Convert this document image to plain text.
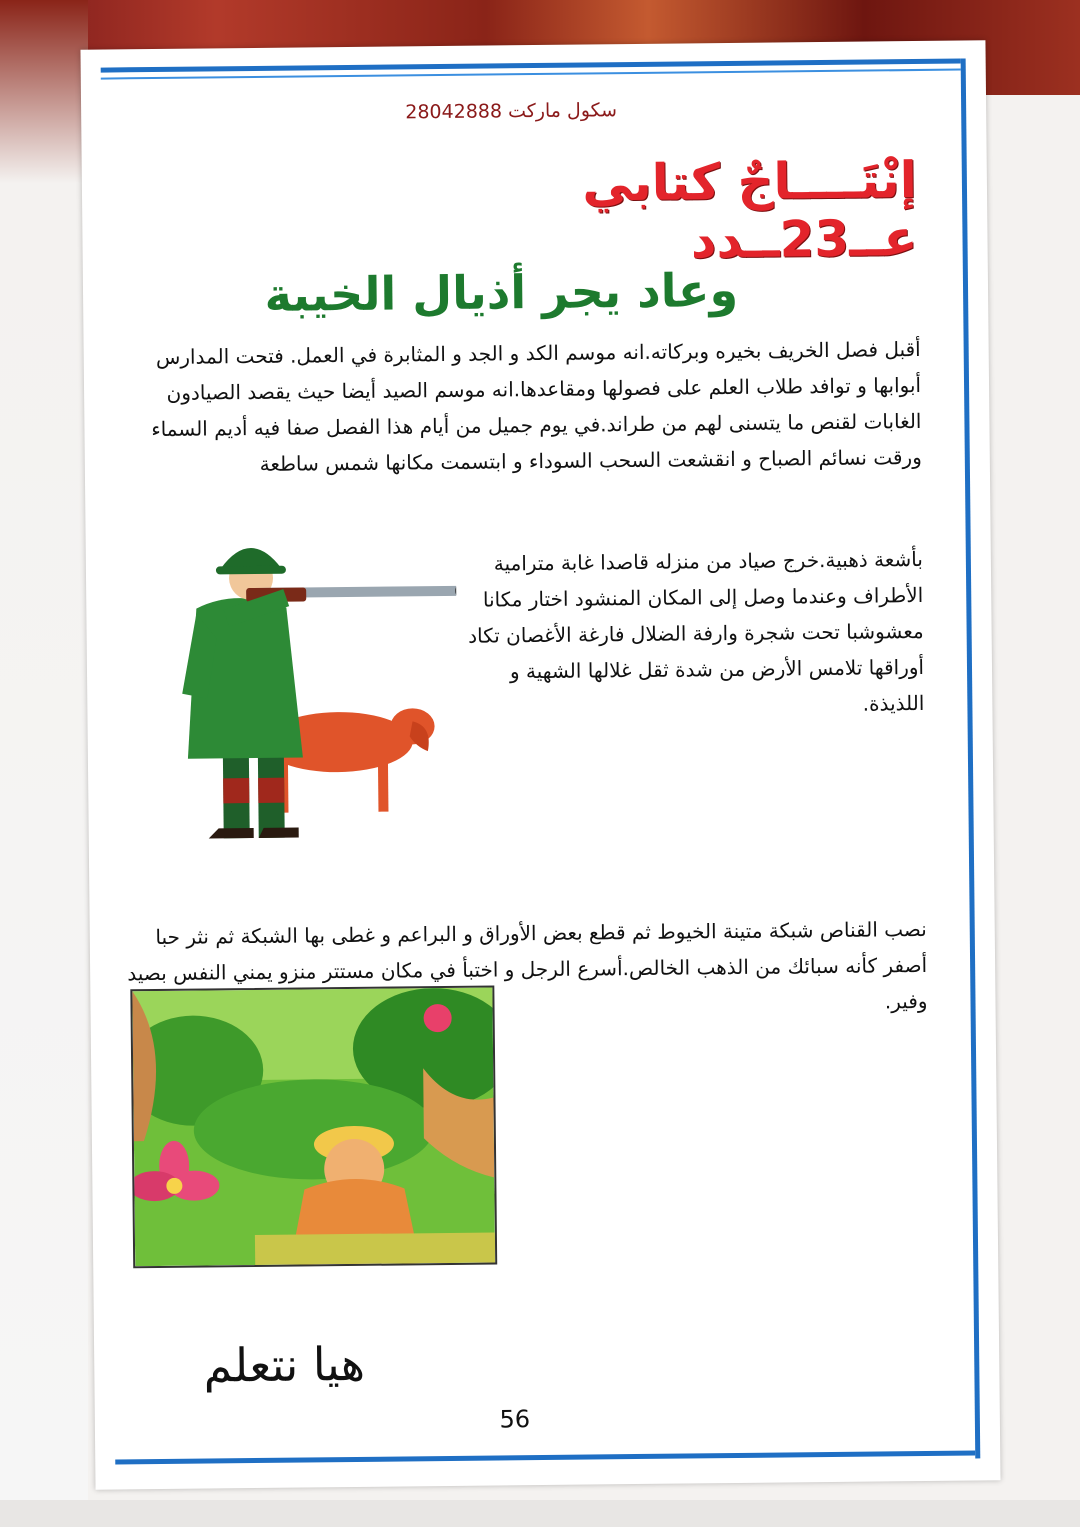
سكول ماركت 28042888
إنْتَــــاجٌ كتابي عــ23ــدد
وعاد يجر أذيال الخيبة
أقبل فصل الخريف بخيره وبركاته.انه موسم الكد و الجد و المثابرة في العمل. فتحت المدارس أبوابها و توافد طلاب العلم على فصولها ومقاعدها.انه موسم الصيد أيضا حيث يقصد الصيادون الغابات لقنص ما يتسنى لهم من طراند.في يوم جميل من أيام هذا الفصل صفا فيه أديم السماء ورقت نسائم الصباح و انقشعت السحب السوداء و ابتسمت مكانها شمس ساطعة
بأشعة ذهبية.خرج صياد من منزله قاصدا غابة مترامية الأطراف وعندما وصل إلى المكان المنشود اختار مكانا معشوشبا تحت شجرة وارفة الضلال فارغة الأغصان تكاد أوراقها تلامس الأرض من شدة ثقل غلالها الشهية و اللذيذة.
نصب القناص شبكة متينة الخيوط ثم قطع بعض الأوراق و البراعم و غطى بها الشبكة ثم نثر حبا أصفر كأنه سبائك من الذهب الخالص.أسرع الرجل و اختبأ في مكان مستتر منزو يمني النفس بصيد وفير.
هيا نتعلم
56
